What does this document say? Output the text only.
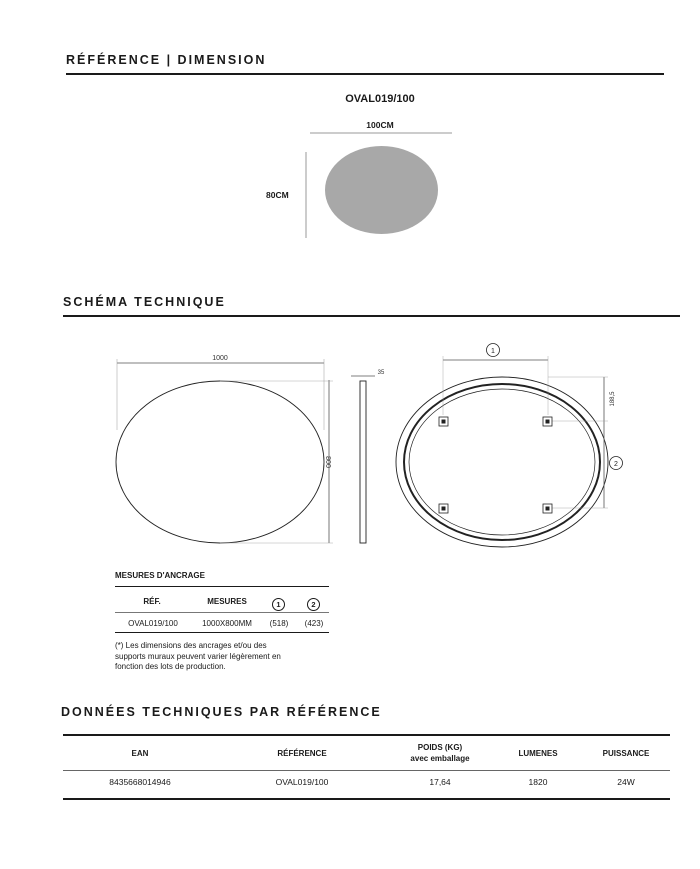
RÉFÉRENCE | DIMENSION
OVAL019/100
100CM
80CM
SCHÉMA TECHNIQUE
1000
800
35
1
188,5
2
MESURES D'ANCRAGE
RÉF.	MESURES	1	2
OVAL019/100	1000X800MM	(518)	(423)
(*) Les dimensions des ancrages et/ou des
supports muraux peuvent varier légèrement en
fonction des lots de production.
DONNÉES TECHNIQUES PAR RÉFÉRENCE
EAN	RÉFÉRENCE
POIDS (KG)
avec emballage
LUMENES	PUISSANCE
8435668014946	OVAL019/100	17,64	1820	24W
